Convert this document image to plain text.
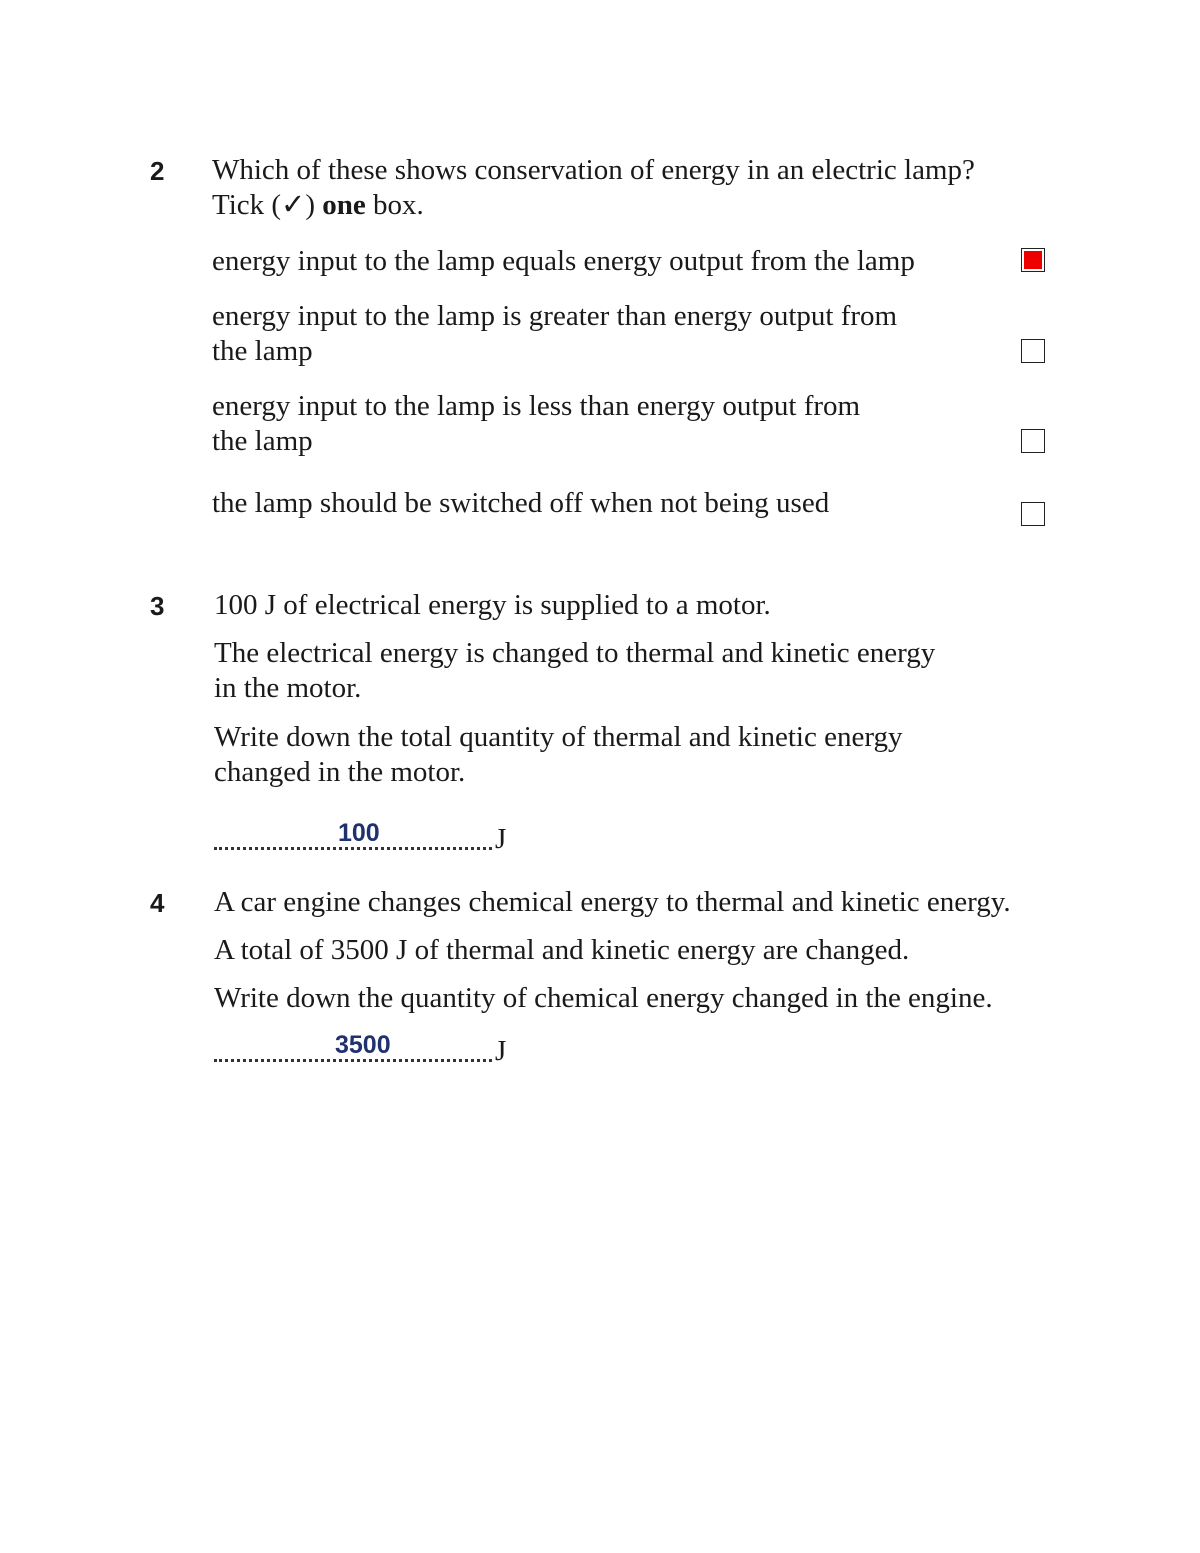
2 Which of these shows conservation of energy in an electric lamp?
Tick (✓) one box.
energy input to the lamp equals energy output from the lamp
energy input to the lamp is greater than energy output from
the lamp
energy input to the lamp is less than energy output from
the lamp
the lamp should be switched off when not being used
3 100 J of electrical energy is supplied to a motor.
The electrical energy is changed to thermal and kinetic energy
in the motor.
Write down the total quantity of thermal and kinetic energy
changed in the motor.
100	J
4 A car engine changes chemical energy to thermal and kinetic energy.
A total of 3500 J of thermal and kinetic energy are changed.
Write down the quantity of chemical energy changed in the engine.
3500	J
